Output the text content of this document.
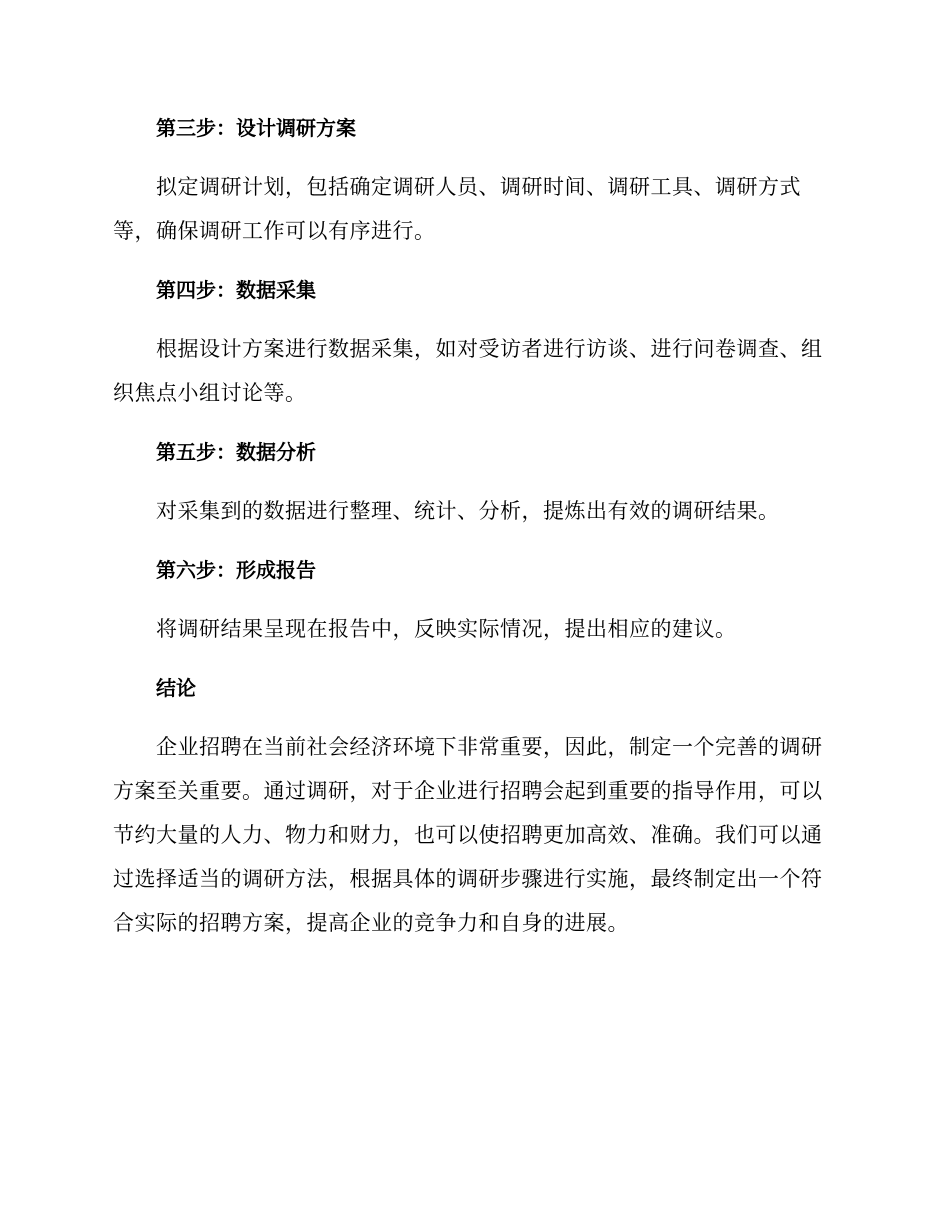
第三步：设计调研方案

拟定调研计划，包括确定调研人员、调研时间、调研工具、调研方式等，确保调研工作可以有序进行。

第四步：数据采集

根据设计方案进行数据采集，如对受访者进行访谈、进行问卷调查、组织焦点小组讨论等。

第五步：数据分析

对采集到的数据进行整理、统计、分析，提炼出有效的调研结果。

第六步：形成报告

将调研结果呈现在报告中，反映实际情况，提出相应的建议。

结论

企业招聘在当前社会经济环境下非常重要，因此，制定一个完善的调研方案至关重要。通过调研，对于企业进行招聘会起到重要的指导作用，可以节约大量的人力、物力和财力，也可以使招聘更加高效、准确。我们可以通过选择适当的调研方法，根据具体的调研步骤进行实施，最终制定出一个符合实际的招聘方案，提高企业的竞争力和自身的进展。
